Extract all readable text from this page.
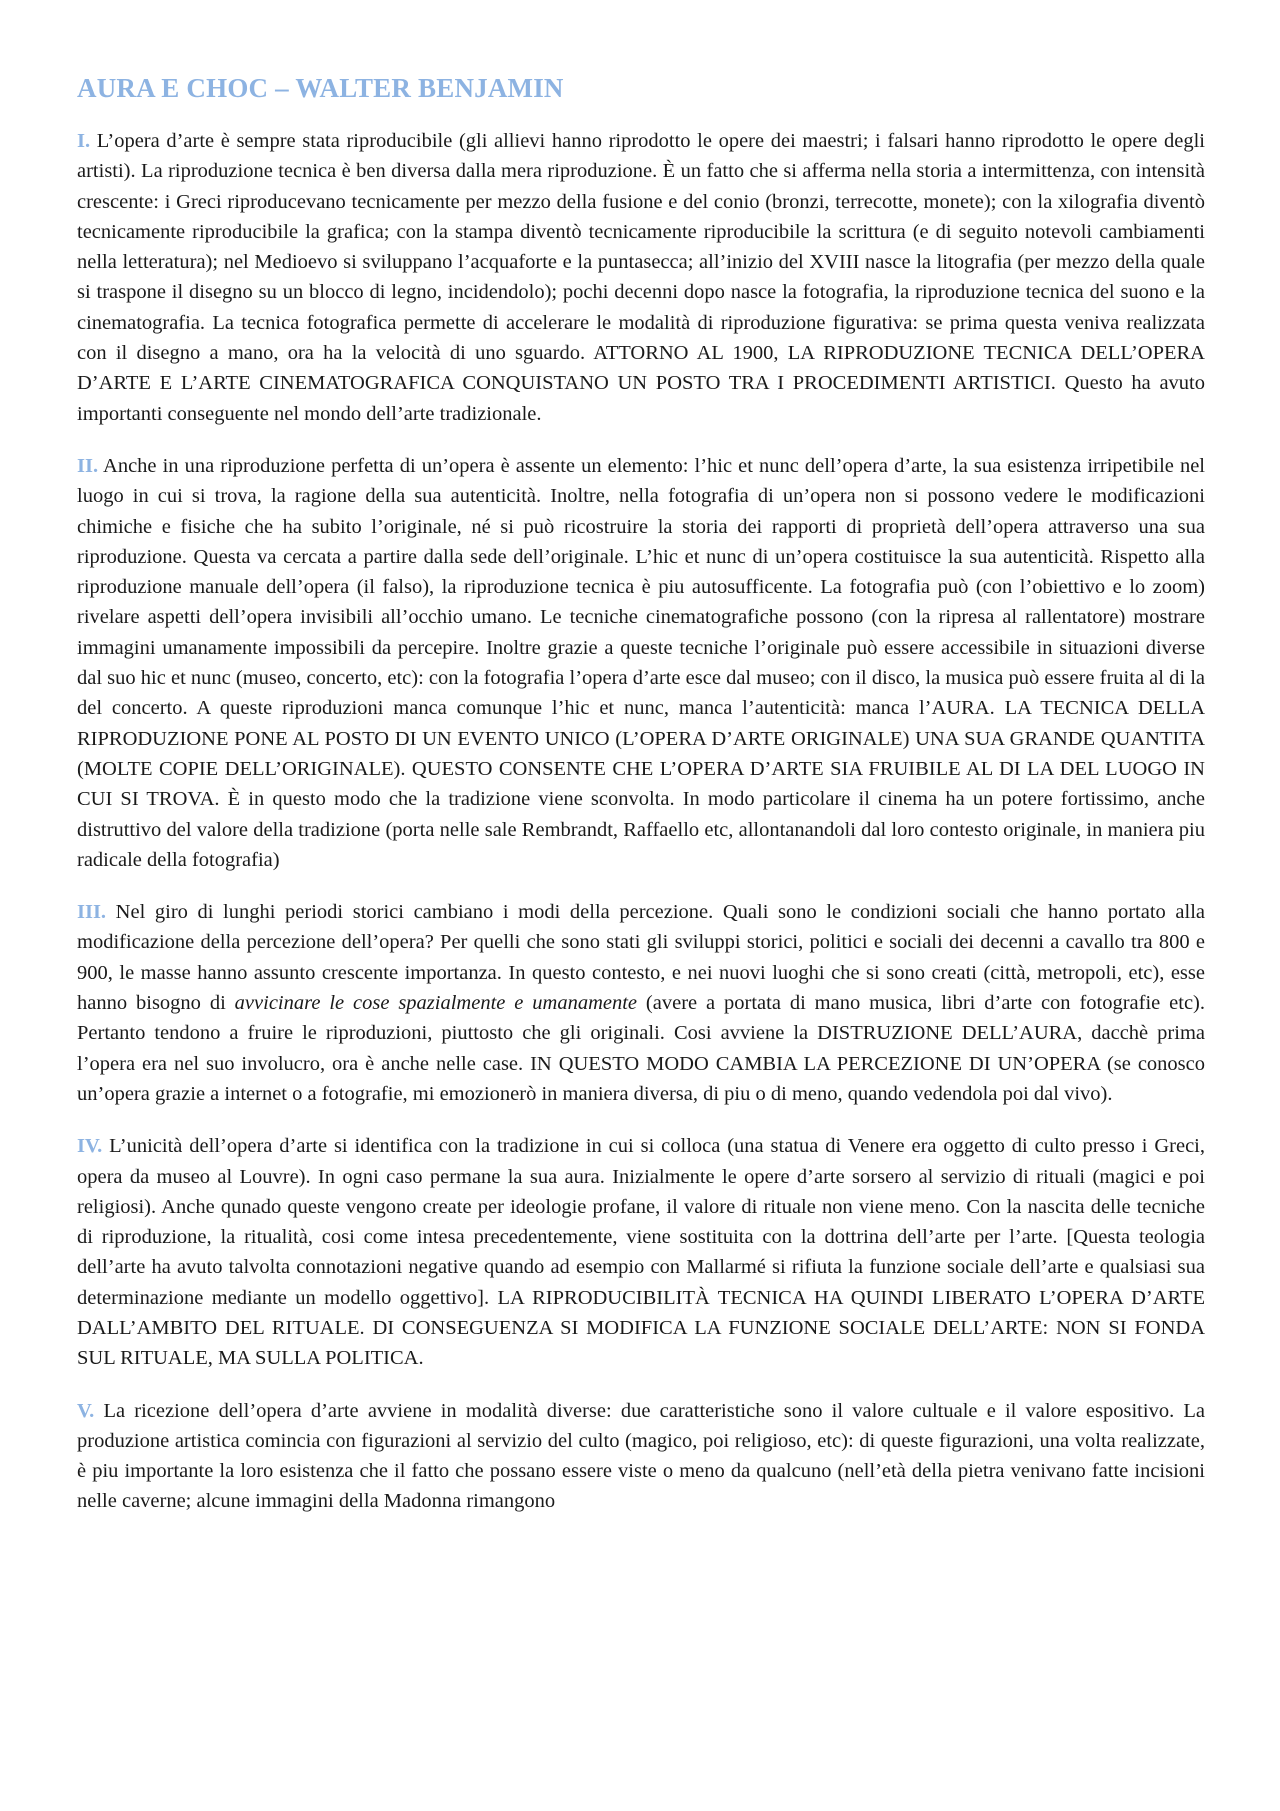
AURA E CHOC – WALTER BENJAMIN

I. L’opera d’arte è sempre stata riproducibile (gli allievi hanno riprodotto le opere dei maestri; i falsari hanno riprodotto le opere degli artisti). La riproduzione tecnica è ben diversa dalla mera riproduzione. È un fatto che si afferma nella storia a intermittenza, con intensità crescente: i Greci riproducevano tecnicamente per mezzo della fusione e del conio (bronzi, terrecotte, monete); con la xilografia diventò tecnicamente riproducibile la grafica; con la stampa diventò tecnicamente riproducibile la scrittura (e di seguito notevoli cambiamenti nella letteratura); nel Medioevo si sviluppano l’acquaforte e la puntasecca; all’inizio del XVIII nasce la litografia (per mezzo della quale si traspone il disegno su un blocco di legno, incidendolo); pochi decenni dopo nasce la fotografia, la riproduzione tecnica del suono e la cinematografia. La tecnica fotografica permette di accelerare le modalità di riproduzione figurativa: se prima questa veniva realizzata con il disegno a mano, ora ha la velocità di uno sguardo. ATTORNO AL 1900, LA RIPRODUZIONE TECNICA DELL’OPERA D’ARTE E L’ARTE CINEMATOGRAFICA CONQUISTANO UN POSTO TRA I PROCEDIMENTI ARTISTICI. Questo ha avuto importanti conseguente nel mondo dell’arte tradizionale.

II. Anche in una riproduzione perfetta di un’opera è assente un elemento: l’hic et nunc dell’opera d’arte, la sua esistenza irripetibile nel luogo in cui si trova, la ragione della sua autenticità. Inoltre, nella fotografia di un’opera non si possono vedere le modificazioni chimiche e fisiche che ha subito l’originale, né si può ricostruire la storia dei rapporti di proprietà dell’opera attraverso una sua riproduzione. Questa va cercata a partire dalla sede dell’originale. L’hic et nunc di un’opera costituisce la sua autenticità. Rispetto alla riproduzione manuale dell’opera (il falso), la riproduzione tecnica è piu autosufficente. La fotografia può (con l’obiettivo e lo zoom) rivelare aspetti dell’opera invisibili all’occhio umano. Le tecniche cinematografiche possono (con la ripresa al rallentatore) mostrare immagini umanamente impossibili da percepire. Inoltre grazie a queste tecniche l’originale può essere accessibile in situazioni diverse dal suo hic et nunc (museo, concerto, etc): con la fotografia l’opera d’arte esce dal museo; con il disco, la musica può essere fruita al di la del concerto. A queste riproduzioni manca comunque l’hic et nunc, manca l’autenticità: manca l’AURA. LA TECNICA DELLA RIPRODUZIONE PONE AL POSTO DI UN EVENTO UNICO (L’OPERA D’ARTE ORIGINALE) UNA SUA GRANDE QUANTITA (MOLTE COPIE DELL’ORIGINALE). QUESTO CONSENTE CHE L’OPERA D’ARTE SIA FRUIBILE AL DI LA DEL LUOGO IN CUI SI TROVA. È in questo modo che la tradizione viene sconvolta. In modo particolare il cinema ha un potere fortissimo, anche distruttivo del valore della tradizione (porta nelle sale Rembrandt, Raffaello etc, allontanandoli dal loro contesto originale, in maniera piu radicale della fotografia)

III. Nel giro di lunghi periodi storici cambiano i modi della percezione. Quali sono le condizioni sociali che hanno portato alla modificazione della percezione dell’opera? Per quelli che sono stati gli sviluppi storici, politici e sociali dei decenni a cavallo tra 800 e 900, le masse hanno assunto crescente importanza. In questo contesto, e nei nuovi luoghi che si sono creati (città, metropoli, etc), esse hanno bisogno di avvicinare le cose spazialmente e umanamente (avere a portata di mano musica, libri d’arte con fotografie etc). Pertanto tendono a fruire le riproduzioni, piuttosto che gli originali. Cosi avviene la DISTRUZIONE DELL’AURA, dacchè prima l’opera era nel suo involucro, ora è anche nelle case. IN QUESTO MODO CAMBIA LA PERCEZIONE DI UN’OPERA (se conosco un’opera grazie a internet o a fotografie, mi emozionerò in maniera diversa, di piu o di meno, quando vedendola poi dal vivo).

IV. L’unicità dell’opera d’arte si identifica con la tradizione in cui si colloca (una statua di Venere era oggetto di culto presso i Greci, opera da museo al Louvre). In ogni caso permane la sua aura. Inizialmente le opere d’arte sorsero al servizio di rituali (magici e poi religiosi). Anche qunado queste vengono create per ideologie profane, il valore di rituale non viene meno. Con la nascita delle tecniche di riproduzione, la ritualità, cosi come intesa precedentemente, viene sostituita con la dottrina dell’arte per l’arte. [Questa teologia dell’arte ha avuto talvolta connotazioni negative quando ad esempio con Mallarmé si rifiuta la funzione sociale dell’arte e qualsiasi sua determinazione mediante un modello oggettivo]. LA RIPRODUCIBILITÀ TECNICA HA QUINDI LIBERATO L’OPERA D’ARTE DALL’AMBITO DEL RITUALE. DI CONSEGUENZA SI MODIFICA LA FUNZIONE SOCIALE DELL’ARTE: NON SI FONDA SUL RITUALE, MA SULLA POLITICA.

V. La ricezione dell’opera d’arte avviene in modalità diverse: due caratteristiche sono il valore cultuale e il valore espositivo. La produzione artistica comincia con figurazioni al servizio del culto (magico, poi religioso, etc): di queste figurazioni, una volta realizzate, è piu importante la loro esistenza che il fatto che possano essere viste o meno da qualcuno (nell’età della pietra venivano fatte incisioni nelle caverne; alcune immagini della Madonna rimangono
